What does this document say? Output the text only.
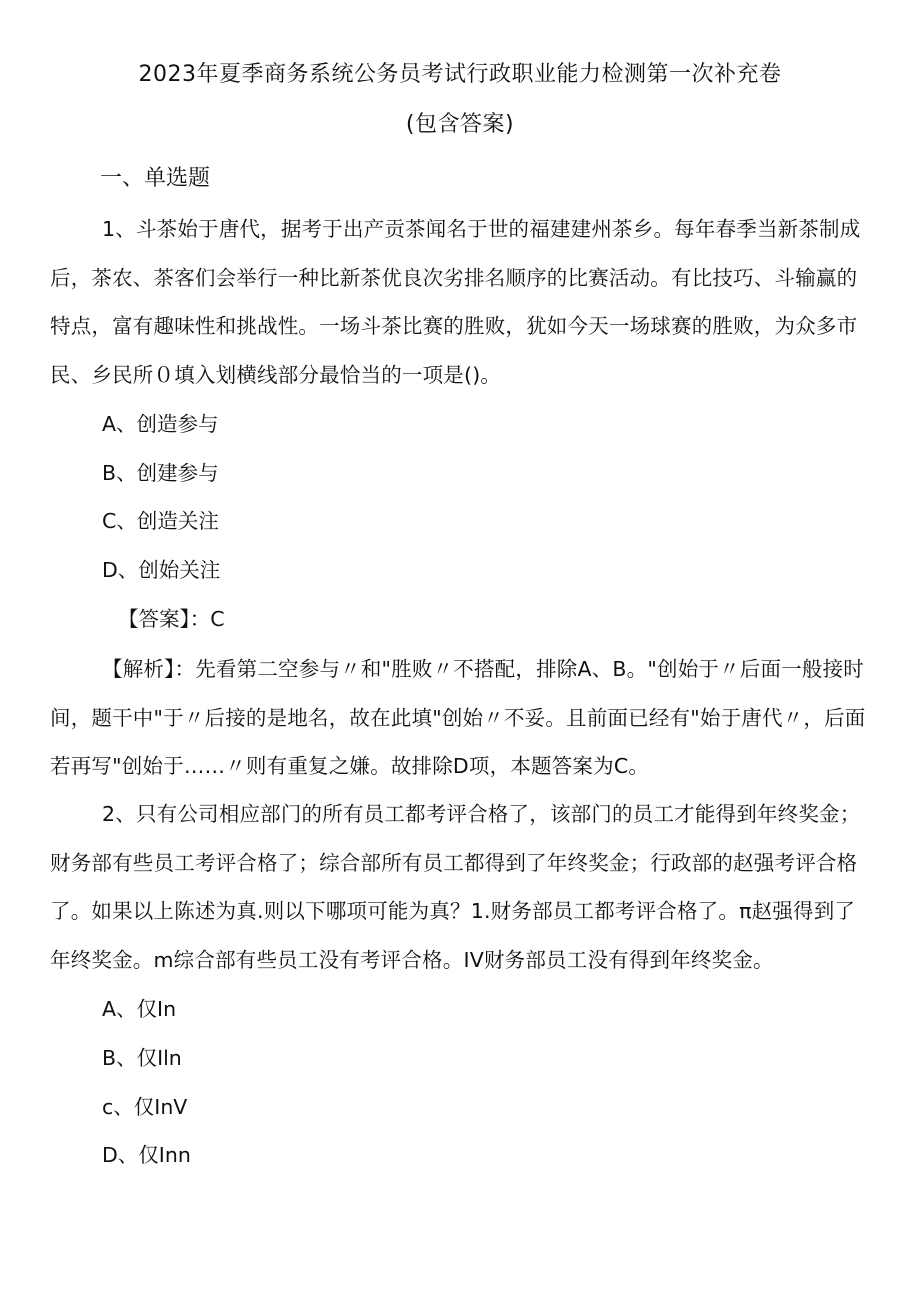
2023年夏季商务系统公务员考试行政职业能力检测第一次补充卷
(包含答案)
一、单选题

1、斗茶始于唐代，据考于出产贡茶闻名于世的福建建州茶乡。每年春季当新茶制成后，茶农、茶客们会举行一种比新茶优良次劣排名顺序的比赛活动。有比技巧、斗输赢的特点，富有趣味性和挑战性。一场斗茶比赛的胜败，犹如今天一场球赛的胜败，为众多市民、乡民所０填入划横线部分最恰当的一项是()。

A、创造参与
B、创建参与
C、创造关注
D、创始关注
【答案】：C

【解析】：先看第二空参与〃和"胜败〃不搭配，排除A、B。"创始于〃后面一般接时间，题干中"于〃后接的是地名，故在此填"创始〃不妥。且前面已经有"始于唐代〃，后面若再写"创始于……〃则有重复之嫌。故排除D项，本题答案为C。

2、只有公司相应部门的所有员工都考评合格了，该部门的员工才能得到年终奖金；财务部有些员工考评合格了；综合部所有员工都得到了年终奖金；行政部的赵强考评合格了。如果以上陈述为真.则以下哪项可能为真？1.财务部员工都考评合格了。π赵强得到了年终奖金。m综合部有些员工没有考评合格。IV财务部员工没有得到年终奖金。

A、仅In
B、仅Iln
c、仅InV
D、仅Inn
